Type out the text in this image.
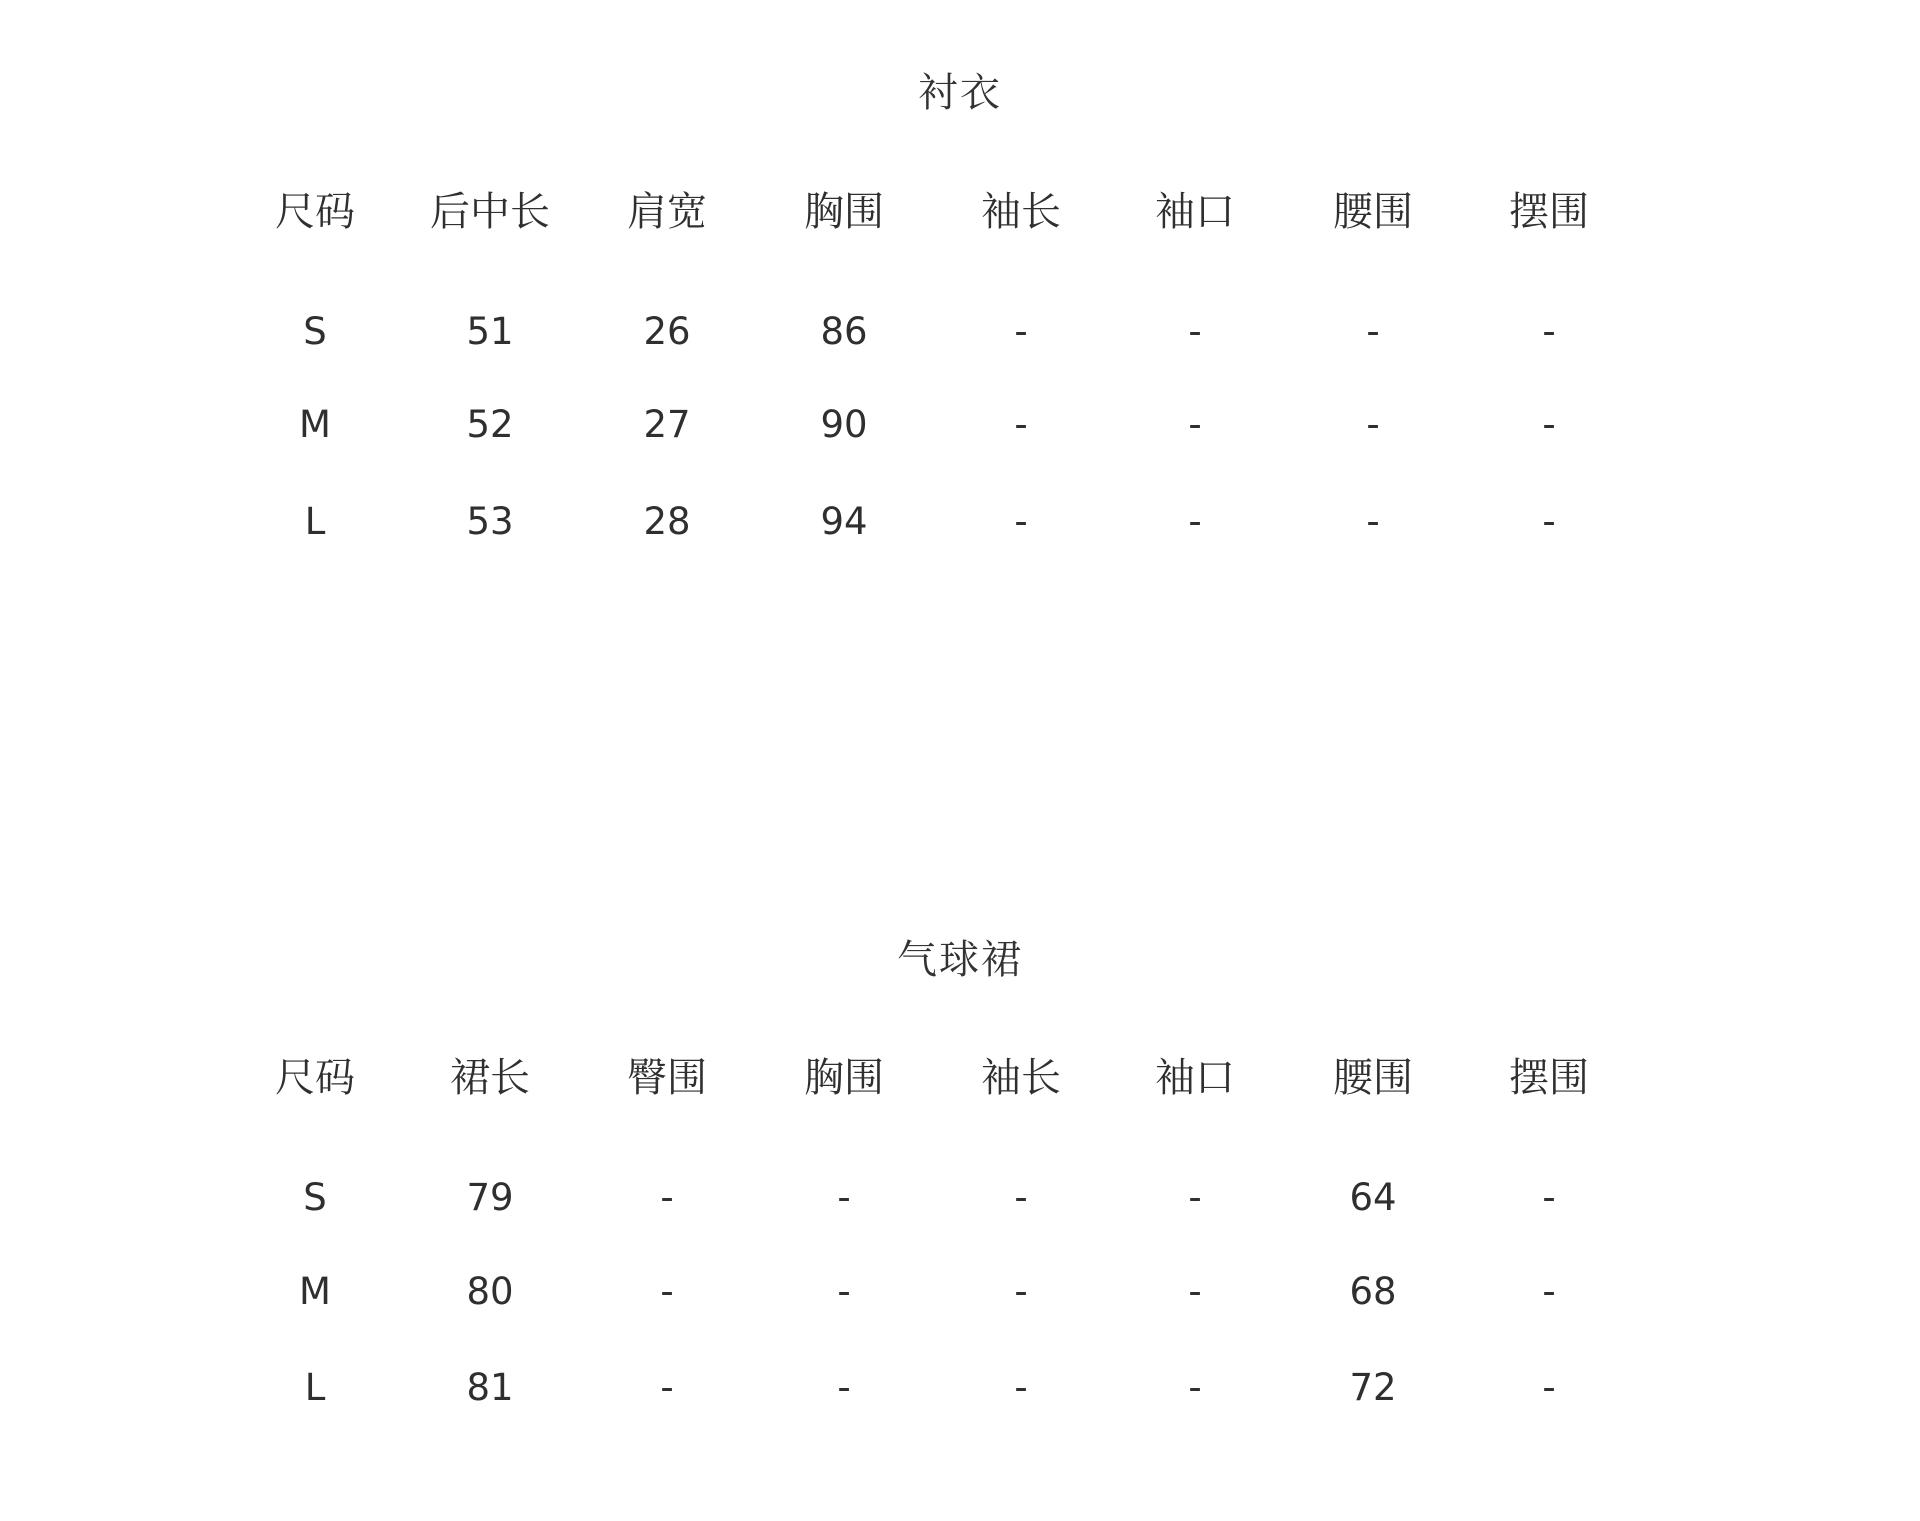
衬衣
尺码	后中长	肩宽	胸围	袖长	袖口	腰围	摆围
S	51	26	86	-	-	-	-
M	52	27	90	-	-	-	-
L	53	28	94	-	-	-	-
气球裙
尺码	裙长	臀围	胸围	袖长	袖口	腰围	摆围
S	79	-	-	-	-	64	-
M	80	-	-	-	-	68	-
L	81	-	-	-	-	72	-
